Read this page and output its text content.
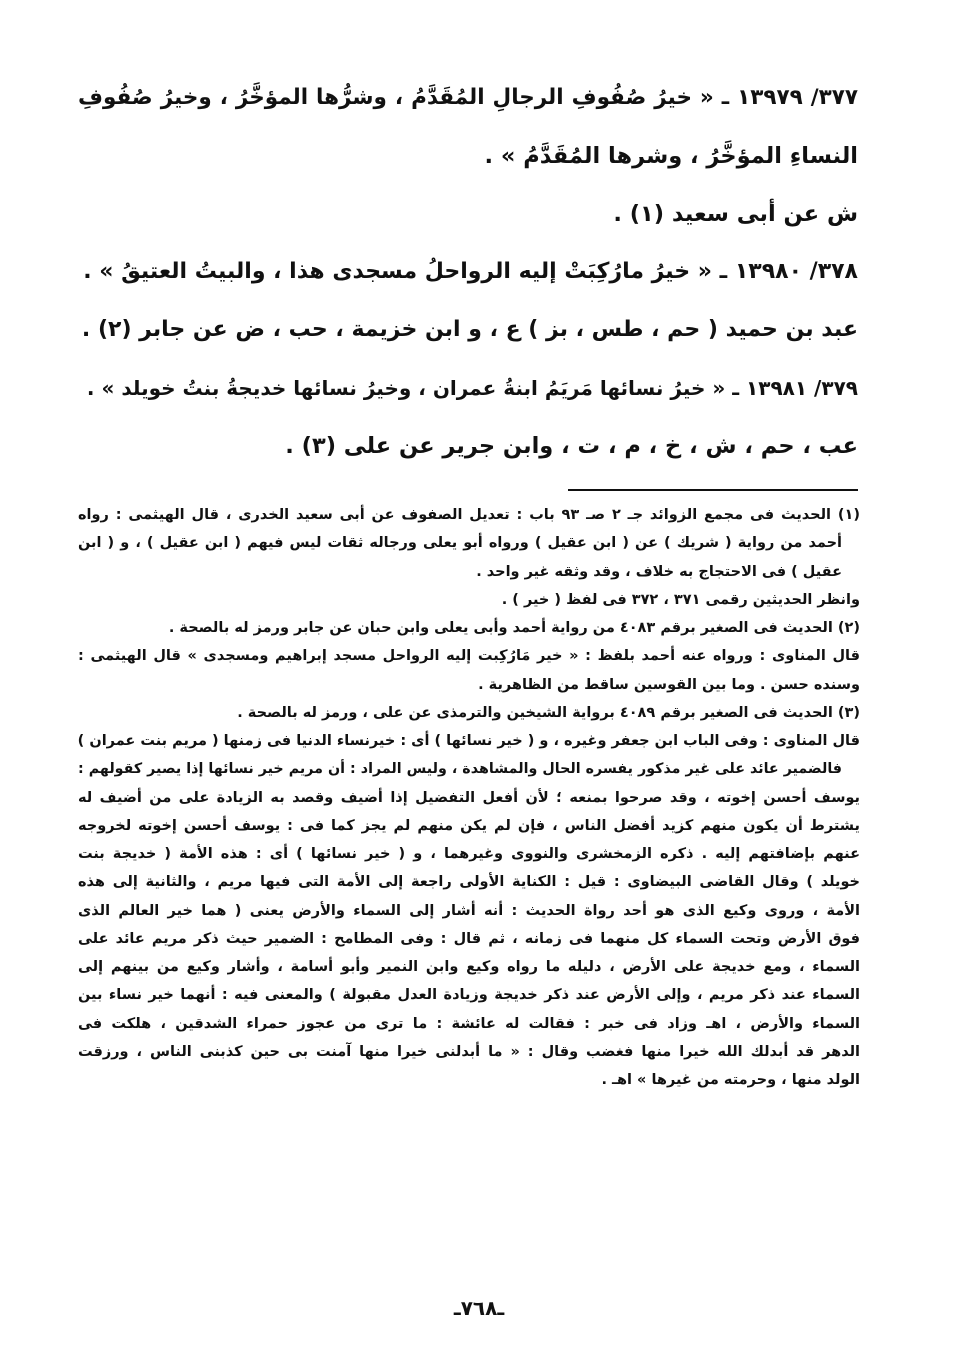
٣٧٧/ ١٣٩٧٩ ـ « خيرُ صُفُوفِ الرجالِ المُقَدَّمُ ، وشرُّها المؤخَّرُ ، وخيرُ صُفُوفِ
النساءِ المؤخَّرُ ، وشرها المُقَدَّمُ » .
ش عن أبى سعيد (١) .
٣٧٨/ ١٣٩٨٠ ـ « خيرُ مارُكِبَتْ إليه الرواحلُ مسجدى هذا ، والبيتُ العتيقُ » .
عبد بن حميد ( حم ، طس ، بز ) ع ، و ابن خزيمة ، حب ، ض عن جابر (٢) .
٣٧٩/ ١٣٩٨١ ـ « خيرُ نسائها مَريَمُ ابنةُ عمران ، وخيرُ نسائها خديجةُ بنتُ خويلد » .
عب ، حم ، ش ، خ ، م ، ت ، وابن جرير عن على (٣) .
(١) الحديث فى مجمع الزوائد جـ ٢ صـ ٩٣ باب : تعديل الصفوف عن أبى سعيد الخدرى ، قال الهيثمى : رواه
أحمد من رواية ( شريك ) عن ( ابن عقيل ) ورواه أبو يعلى ورجاله ثقات ليس فيهم ( ابن عقيل ) ، و ( ابن
عقيل ) فى الاحتجاج به خلاف ، وقد وثقه غير واحد .
وانظر الحديثين رقمى ٣٧١ ، ٣٧٢ فى لفظ ( خير ) .
(٢) الحديث فى الصغير برقم ٤٠٨٣ من رواية أحمد وأبى يعلى وابن حبان عن جابر ورمز له بالصحة .
قال المناوى : ورواه عنه أحمد بلفظ : « خير مَارُكِبت إليه الرواحل مسجد إبراهيم ومسجدى » قال الهيثمى :
وسنده حسن . وما بين القوسين ساقط من الظاهرية .
(٣) الحديث فى الصغير برقم ٤٠٨٩ برواية الشيخين والترمذى عن على ، ورمز له بالصحة .
قال المناوى : وفى الباب ابن جعفر وغيره ، و ( خير نسائها ) أى : خيرنساء الدنيا فى زمنها ( مريم بنت عمران )
فالضمير عائد على غير مذكور يفسره الحال والمشاهدة ، وليس المراد : أن مريم خير نسائها إذا يصير كقولهم :
يوسف أحسن إخوته ، وقد صرحوا بمنعه ؛ لأن أفعل التفضيل إذا أضيف وقصد به الزيادة على من أضيف له
يشترط أن يكون منهم كزيد أفضل الناس ، فإن لم يكن منهم لم يجز كما فى : يوسف أحسن إخوته لخروجه
عنهم بإضافتهم إليه . ذكره الزمخشرى والنووى وغيرهما ، و ( خير نسائها ) أى : هذه الأمة ( خديجة بنت
خويلد ) وقال القاضى البيضاوى : قيل : الكناية الأولى راجعة إلى الأمة التى فيها مريم ، والثانية إلى هذه
الأمة ، وروى وكيع الذى هو أحد رواة الحديث : أنه أشار إلى السماء والأرض يعنى ( هما خير العالم الذى
فوق الأرض وتحت السماء كل منهما فى زمانه ، ثم قال : وفى المطامح : الضمير حيث ذكر مريم عائد على
السماء ، ومع خديجة على الأرض ، دليله ما رواه وكيع وابن النمير وأبو أسامة ، وأشار وكيع من بينهم إلى
السماء عند ذكر مريم ، وإلى الأرض عند ذكر خديجة وزيادة العدل مقبولة ) والمعنى فيه : أنهما خير نساء بين
السماء والأرض ، اهـ وزاد فى خبر : فقالت له عائشة : ما ترى من عجوز حمراء الشدقين ، هلكت فى
الدهر قد أبدلك الله خيرا منها فغضب وقال : « ما أبدلنى خيرا منها آمنت بى حين كذبنى الناس ، ورزقت
الولد منها ، وحرمته من غيرها » اهـ .
ـ٧٦٨ـ
